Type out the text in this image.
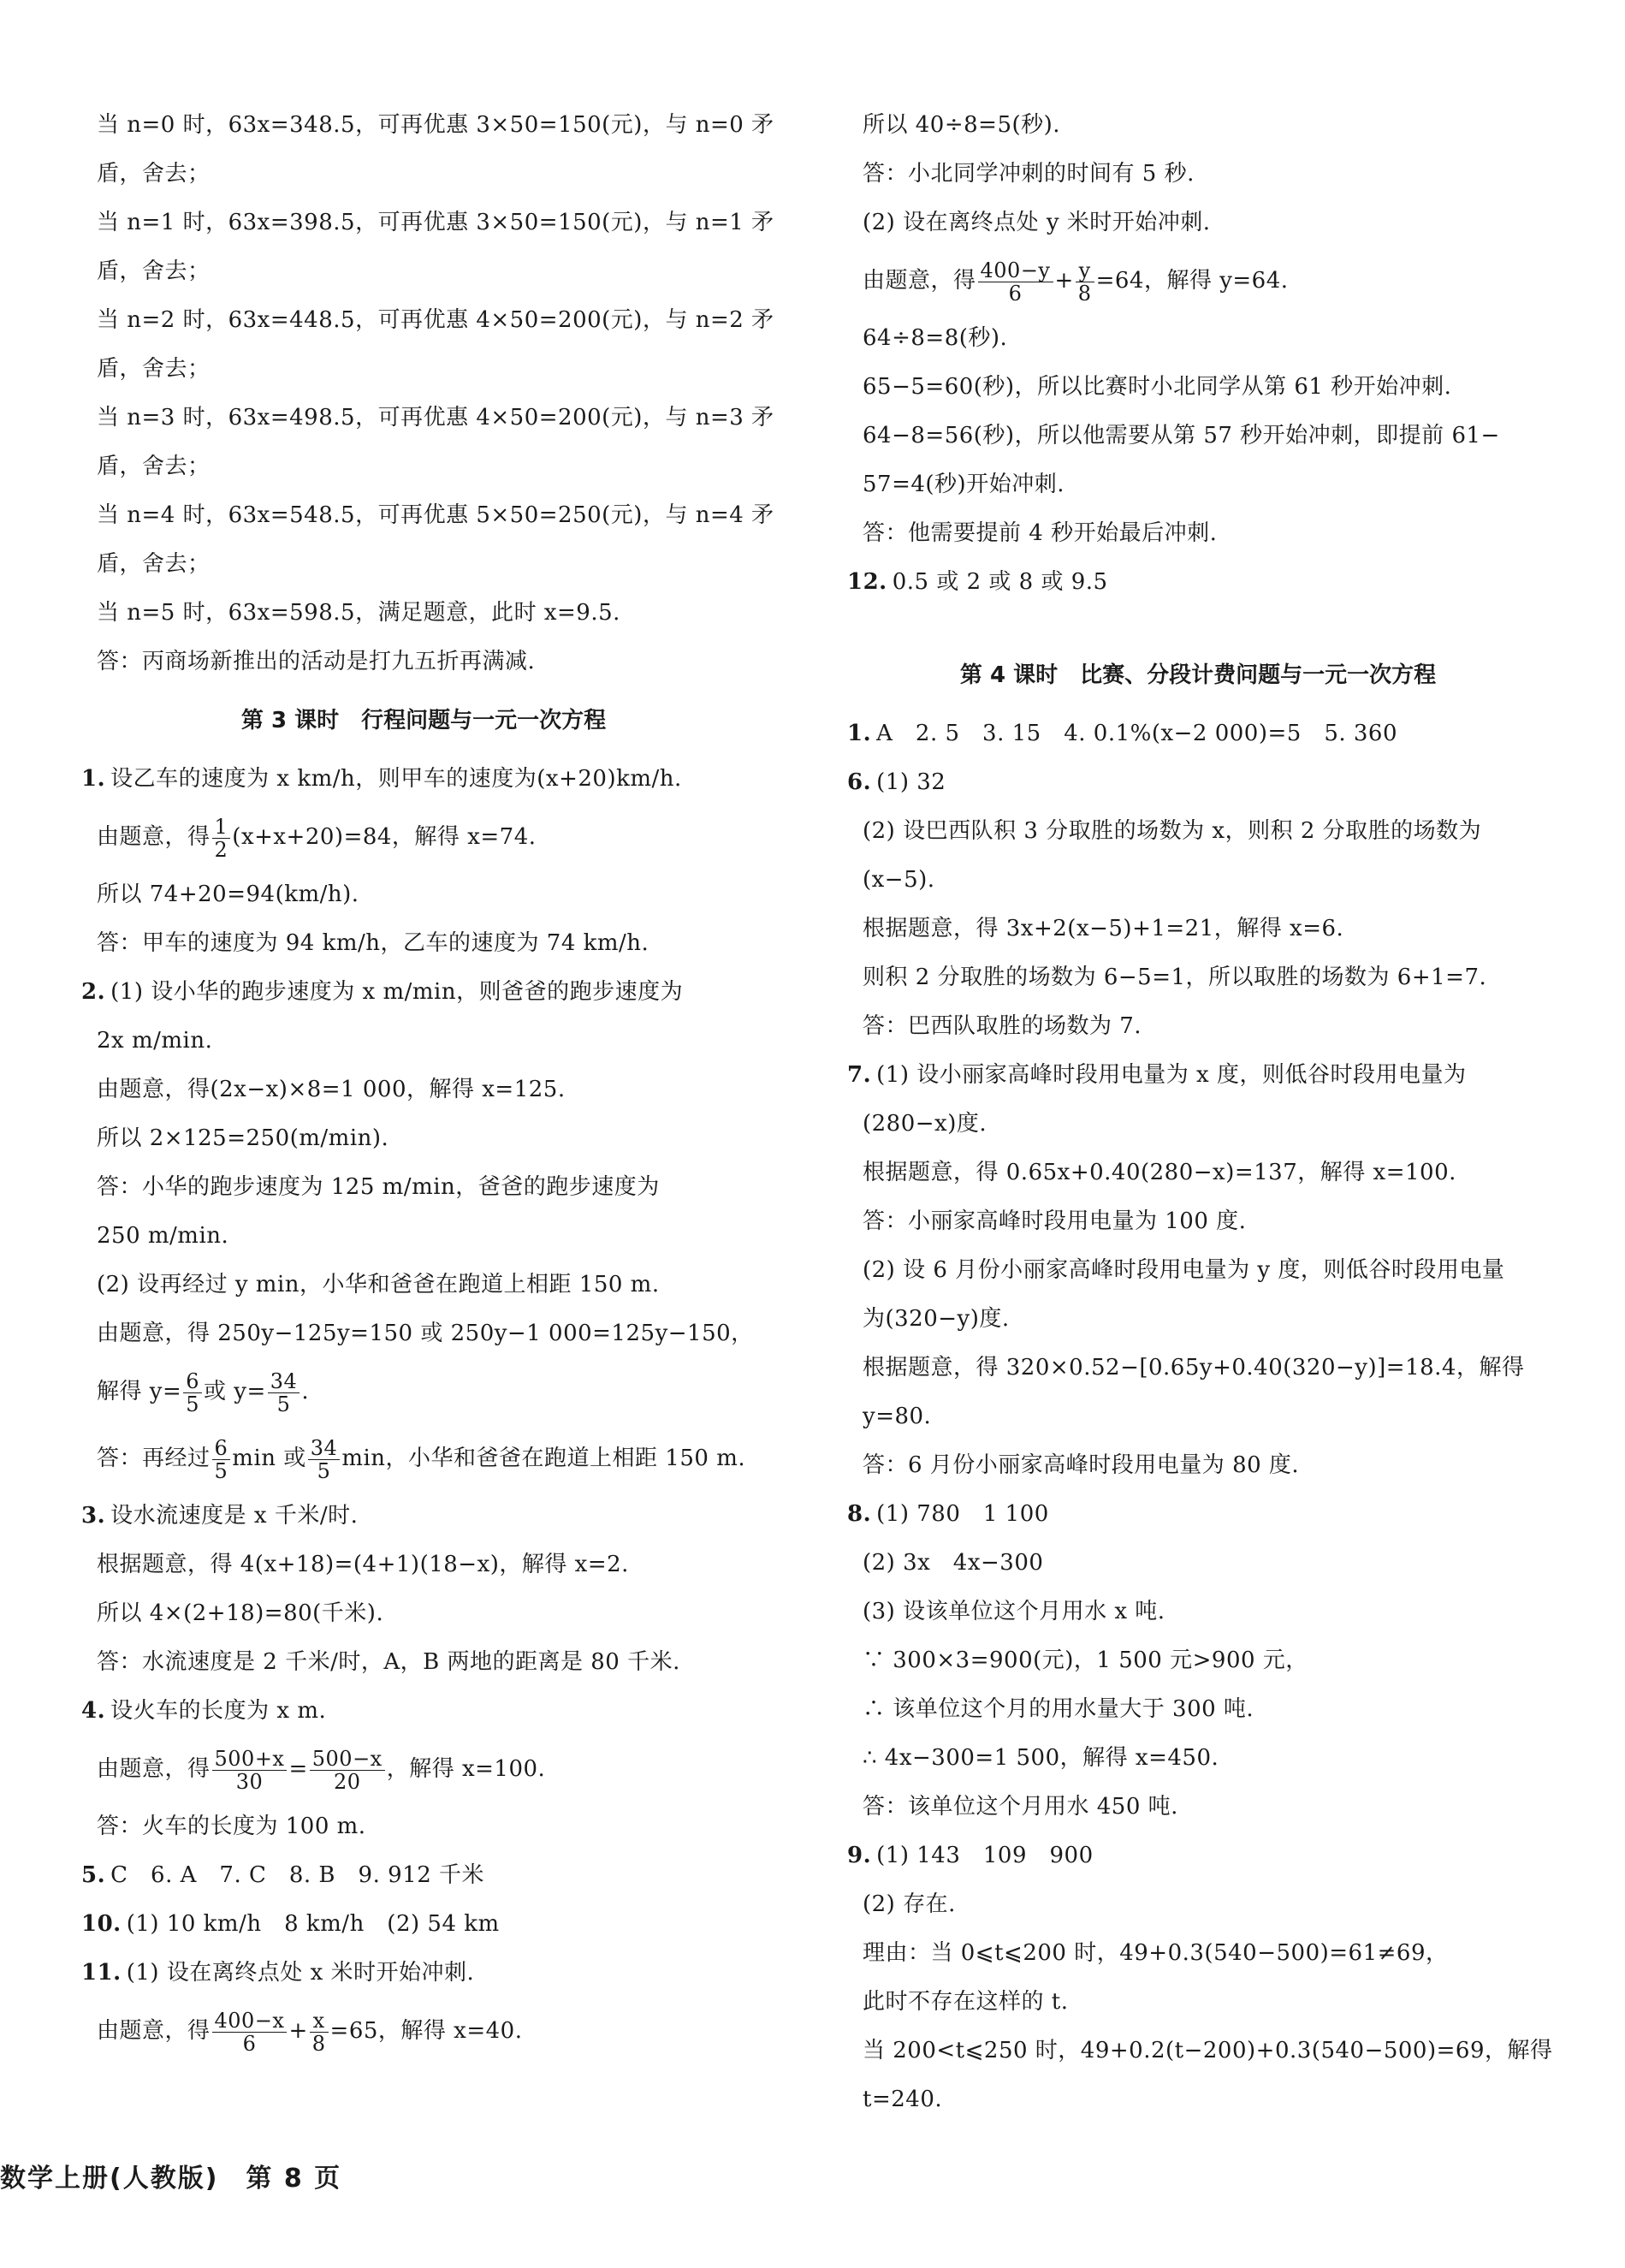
当 n=0 时，63x=348.5，可再优惠 3×50=150(元)，与 n=0 矛
盾，舍去；
当 n=1 时，63x=398.5，可再优惠 3×50=150(元)，与 n=1 矛
盾，舍去；
当 n=2 时，63x=448.5，可再优惠 4×50=200(元)，与 n=2 矛
盾，舍去；
当 n=3 时，63x=498.5，可再优惠 4×50=200(元)，与 n=3 矛
盾，舍去；
当 n=4 时，63x=548.5，可再优惠 5×50=250(元)，与 n=4 矛
盾，舍去；
当 n=5 时，63x=598.5，满足题意，此时 x=9.5.
答：丙商场新推出的活动是打九五折再满减.
第 3 课时　行程问题与一元一次方程
1. 设乙车的速度为 x km/h，则甲车的速度为(x+20)km/h.
由题意，得 $\frac{1}{2} (x+x+20)=84$，解得 x=74.
所以 74+20=94(km/h).
答：甲车的速度为 94 km/h，乙车的速度为 74 km/h.
2. (1) 设小华的跑步速度为 x m/min，则爸爸的跑步速度为
2x m/min.
由题意，得(2x−x)×8=1 000，解得 x=125.
所以 2×125=250(m/min).
答：小华的跑步速度为 125 m/min，爸爸的跑步速度为
250 m/min.
(2) 设再经过 y min，小华和爸爸在跑道上相距 150 m.
由题意，得 250y−125y=150 或 250y−1 000=125y−150，
解得 $y= \frac{6}{5}$ 或 $y= \frac{34}{5}$ .
答：再经过 $\frac{6}{5}$ min 或 $\frac{34}{5}$ min，小华和爸爸在跑道上相距 150 m.
3. 设水流速度是 x 千米/时.
根据题意，得 4(x+18)=(4+1)(18−x)，解得 x=2.
所以 4×(2+18)=80(千米).
答：水流速度是 2 千米/时，A，B 两地的距离是 80 千米.
4. 设火车的长度为 x m.
由题意，得 $\frac{500+x}{30} = \frac{500-x}{20}$ ，解得 x=100.
答：火车的长度为 100 m.
5. C　6. A　7. C　8. B　9. 912 千米
10. (1) 10 km/h　8 km/h　(2) 54 km
11. (1) 设在离终点处 x 米时开始冲刺.
由题意，得 $\frac{400-x}{6} + \frac{x}{8} =65$，解得 x=40.
所以 40÷8=5(秒).
答：小北同学冲刺的时间有 5 秒.
(2) 设在离终点处 y 米时开始冲刺.
由题意，得 $\frac{400-y}{6} + \frac{y}{8} =64$，解得 y=64.
64÷8=8(秒).
65−5=60(秒)，所以比赛时小北同学从第 61 秒开始冲刺.
64−8=56(秒)，所以他需要从第 57 秒开始冲刺，即提前 61−
57=4(秒)开始冲刺.
答：他需要提前 4 秒开始最后冲刺.
12. 0.5 或 2 或 8 或 9.5
第 4 课时　比赛、分段计费问题与一元一次方程
1. A　2. 5　3. 15　4. 0.1%(x−2 000)=5　5. 360
6. (1) 32
(2) 设巴西队积 3 分取胜的场数为 x，则积 2 分取胜的场数为
(x−5).
根据题意，得 3x+2(x−5)+1=21，解得 x=6.
则积 2 分取胜的场数为 6−5=1，所以取胜的场数为 6+1=7.
答：巴西队取胜的场数为 7.
7. (1) 设小丽家高峰时段用电量为 x 度，则低谷时段用电量为
(280−x)度.
根据题意，得 0.65x+0.40(280−x)=137，解得 x=100.
答：小丽家高峰时段用电量为 100 度.
(2) 设 6 月份小丽家高峰时段用电量为 y 度，则低谷时段用电量
为(320−y)度.
根据题意，得 320×0.52−[0.65y+0.40(320−y)]=18.4，解得
y=80.
答：6 月份小丽家高峰时段用电量为 80 度.
8. (1) 780　1 100
(2) 3x　4x−300
(3) 设该单位这个月用水 x 吨.
∵ 300×3=900(元)，1 500 元>900 元，
∴ 该单位这个月的用水量大于 300 吨.
∴ 4x−300=1 500，解得 x=450.
答：该单位这个月用水 450 吨.
9. (1) 143　109　900
(2) 存在.
理由：当 0⩽t⩽200 时，49+0.3(540−500)=61≠69，
此时不存在这样的 t.
当 200<t⩽250 时，49+0.2(t−200)+0.3(540−500)=69，解得
t=240.
数学上册(人教版)　第 8 页
